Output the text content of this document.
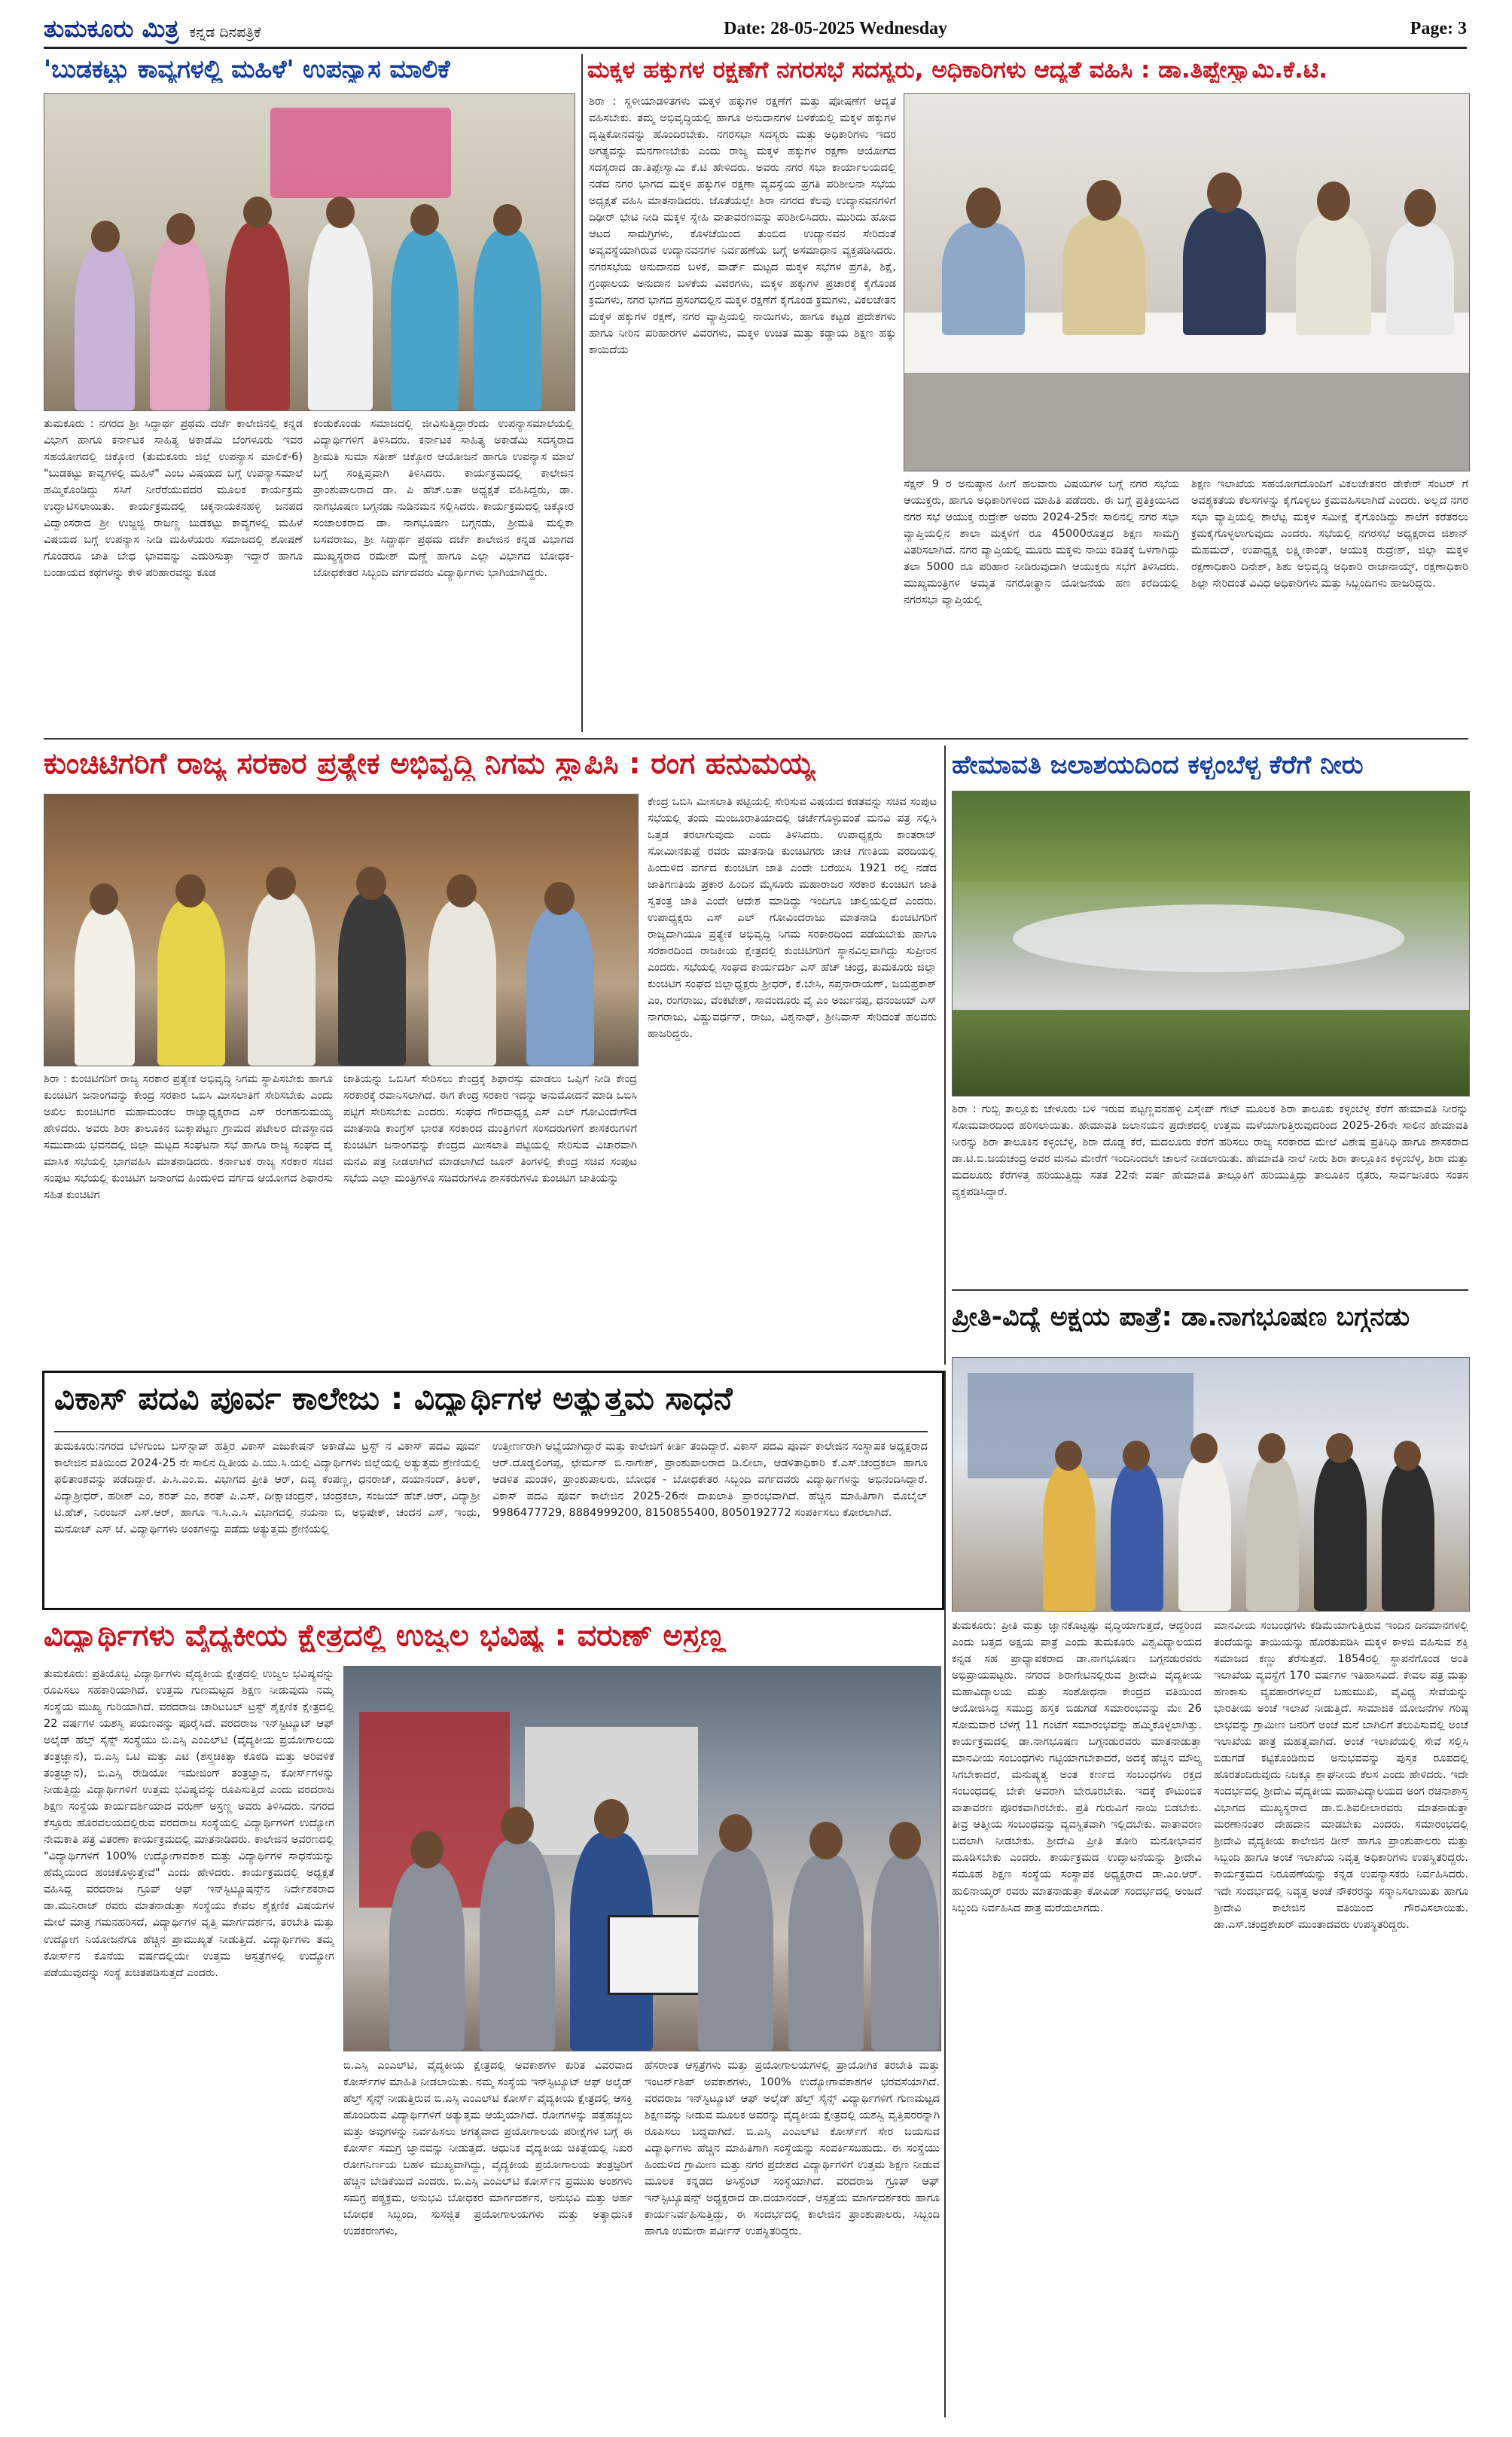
ತುಮಕೂರು ಮಿತ್ರ ಕನ್ನಡ ದಿನಪತ್ರಿಕೆ	Date: 28-05-2025 Wednesday	Page: 3
'ಬುಡಕಟ್ಟು ಕಾವ್ಯಗಳಲ್ಲಿ ಮಹಿಳೆ' ಉಪನ್ಯಾಸ ಮಾಲಿಕೆ
ತುಮಕೂರು : ನಗರದ ಶ್ರೀ ಸಿದ್ಧಾರ್ಥ ಪ್ರಥಮ ದರ್ಜೆ ಕಾಲೇಜಿನಲ್ಲಿ ಕನ್ನಡ ವಿಭಾಗ ಹಾಗೂ ಕರ್ನಾಟಕ ಸಾಹಿತ್ಯ ಅಕಾಡೆಮಿ ಬೆಂಗಳೂರು ಇವರ ಸಹಯೋಗದಲ್ಲಿ ಚಿಕ್ಕೋರ (ತುಮಕೂರು ಜಿಲ್ಲೆ ಉಪನ್ಯಾಸ ಮಾಲಿಕೆ-6) "ಬುಡಕಟ್ಟು ಕಾವ್ಯಗಳಲ್ಲಿ ಮಹಿಳೆ" ಎಂಬ ವಿಷಯದ ಬಗ್ಗೆ ಉಪನ್ಯಾಸಮಾಲೆ ಹಮ್ಮಿಕೊಂಡಿದ್ದು ಸಸಿಗೆ ನೀರೆರೆಯುವದರ ಮೂಲಕ ಕಾರ್ಯಕ್ರಮ ಉದ್ಘಾಟಿಸಲಾಯಿತು. ಕಾರ್ಯಕ್ರಮದಲ್ಲಿ ಚಿಕ್ಕನಾಯಕನಹಳ್ಳಿ ಜನಪದ ವಿದ್ವಾಂಸರಾದ ಶ್ರೀ ಉಜ್ಜಜ್ಜಿ ರಾಜಣ್ಣ ಬುಡಕಟ್ಟು ಕಾವ್ಯಗಳಲ್ಲಿ ಮಹಿಳೆ ವಿಷಯದ ಬಗ್ಗೆ ಉಪನ್ಯಾಸ ನೀಡಿ ಮಹಿಳೆಯರು ಸಮಾಜದಲ್ಲಿ ಶೋಷಣೆ ಗೊಂಡರೂ ಜಾತಿ ಬೇಧ ಭಾವವನ್ನು ಎದುರಿಸುತ್ತಾ ಇದ್ದಾರೆ ಹಾಗೂ ಬಂಡಾಯದ ಕಥೆಗಳನ್ನು ಕೇಳಿ ಪರಿಹಾರವನ್ನು ಕೂಡ
ಕಂಡುಕೊಂಡು ಸಮಾಜದಲ್ಲಿ ಜೀವಿಸುತ್ತಿದ್ದಾರೆಂದು ಉಪನ್ಯಾಸಮಾಲೆಯಲ್ಲಿ ವಿದ್ಯಾರ್ಥಿಗಳಿಗೆ ತಿಳಿಸಿದರು. ಕರ್ನಾಟಕ ಸಾಹಿತ್ಯ ಅಕಾಡೆಮಿ ಸದಸ್ಯರಾದ ಶ್ರೀಮತಿ ಸುಮಾ ಸತೀಶ್ ಚಿಕ್ಕೋರ ಆಯೋಜನೆ ಹಾಗೂ ಉಪನ್ಯಾಸ ಮಾಲೆ ಬಗ್ಗೆ ಸಂಕ್ಷಿಪ್ತವಾಗಿ ತಿಳಿಸಿದರು. ಕಾರ್ಯಕ್ರಮದಲ್ಲಿ ಕಾಲೇಜಿನ ಪ್ರಾಂಶುಪಾಲರಾದ ಡಾ. ಪಿ ಹೆಚ್.ಲತಾ ಅಧ್ಯಕ್ಷತೆ ವಹಿಸಿದ್ದರು, ಡಾ. ನಾಗಭೂಷಣ ಬಗ್ಗನಡು ನುಡಿನಮನ ಸಲ್ಲಿಸಿದರು. ಕಾರ್ಯಕ್ರಮದಲ್ಲಿ ಚಿಕ್ಕೋರ ಸಂಚಾಲಕರಾದ ಡಾ. ನಾಗಭೂಷಣ ಬಗ್ಗನಡು, ಶ್ರೀಮತಿ ಮಲ್ಲಿಕಾ ಬಸವರಾಜು, ಶ್ರೀ ಸಿದ್ಧಾರ್ಥ ಪ್ರಥಮ ದರ್ಜೆ ಕಾಲೇಜಿನ ಕನ್ನಡ ವಿಭಾಗದ ಮುಖ್ಯಸ್ಥರಾದ ರಮೇಶ್ ಮಣ್ಣೆ ಹಾಗೂ ಎಲ್ಲಾ ವಿಭಾಗದ ಬೋಧಕ-ಬೋಧಕೇತರ ಸಿಬ್ಬಂದಿ ವರ್ಗದವರು ವಿದ್ಯಾರ್ಥಿಗಳು ಭಾಗಿಯಾಗಿದ್ದರು.
ಮಕ್ಕಳ ಹಕ್ಕುಗಳ ರಕ್ಷಣೆಗೆ ನಗರಸಭೆ ಸದಸ್ಯರು, ಅಧಿಕಾರಿಗಳು ಆದ್ಯತೆ ವಹಿಸಿ : ಡಾ.ತಿಪ್ಪೇಸ್ವಾಮಿ.ಕೆ.ಟಿ.
ಶಿರಾ : ಸ್ಥಳೀಯಾಡಳಿತಗಳು ಮಕ್ಕಳ ಹಕ್ಕುಗಳ ರಕ್ಷಣೆಗೆ ಮತ್ತು ಪೋಷಣೆಗೆ ಆದ್ಯತೆ ವಹಿಸಬೇಕು. ತಮ್ಮ ಅಭಿವೃದ್ಧಿಯಲ್ಲಿ ಹಾಗೂ ಅನುದಾನಗಳ ಬಳಕೆಯಲ್ಲಿ ಮಕ್ಕಳ ಹಕ್ಕುಗಳ ದೃಷ್ಟಿಕೋನವನ್ನು ಹೊಂದಿರಬೇಕು. ನಗರಸಭಾ ಸದಸ್ಯರು ಮತ್ತು ಅಧಿಕಾರಿಗಳು ಇದರ ಅಗತ್ಯವನ್ನು ಮನಗಾಣಬೇಕು ಎಂದು ರಾಜ್ಯ ಮಕ್ಕಳ ಹಕ್ಕುಗಳ ರಕ್ಷಣಾ ಆಯೋಗದ ಸದಸ್ಯರಾದ ಡಾ.ತಿಪ್ಪೇಸ್ವಾಮಿ ಕೆ.ಟಿ ಹೇಳಿದರು. ಅವರು ನಗರ ಸಭಾ ಕಾರ್ಯಾಲಯದಲ್ಲಿ ನಡೆದ ನಗರ ಭಾಗದ ಮಕ್ಕಳ ಹಕ್ಕುಗಳ ರಕ್ಷಣಾ ವ್ಯವಸ್ಥೆಯ ಪ್ರಗತಿ ಪರಿಶೀಲನಾ ಸಭೆಯ ಅಧ್ಯಕ್ಷತೆ ವಹಿಸಿ ಮಾತನಾಡಿದರು. ಜೊತೆಯಲ್ಲೇ ಶಿರಾ ನಗರದ ಕೆಲವು ಉದ್ಯಾನವನಗಳಿಗೆ ದಿಢೀರ್ ಭೇಟಿ ನೀಡಿ ಮಕ್ಕಳ ಸ್ನೇಹಿ ವಾತಾವರಣವನ್ನು ಪರಿಶೀಲಿಸಿದರು. ಮುರಿದು ಹೋದ ಆಟದ ಸಾಮಗ್ರಿಗಳು, ಕೊಳಚೆಯಿಂದ ತುಂಬಿದ ಉದ್ಯಾನವನ ಸೇರಿದಂತೆ ಅವ್ಯವಸ್ಥೆಯಾಗಿರುವ ಉದ್ಯಾನವನಗಳ ನಿರ್ವಹಣೆಯ ಬಗ್ಗೆ ಅಸಮಾಧಾನ ವ್ಯಕ್ತಪಡಿಸಿದರು. ನಗರಸಭೆಯ ಅನುದಾನದ ಬಳಕೆ, ವಾರ್ಡ್ ಮಟ್ಟದ ಮಕ್ಕಳ ಸಭೆಗಳ ಪ್ರಗತಿ, ಶಿಕ್ಷೆ, ಗ್ರಂಥಾಲಯ ಅನುದಾನ ಬಳಕೆಯ ವಿವರಗಳು, ಮಕ್ಕಳ ಹಕ್ಕುಗಳ ಪ್ರಚಾರಕ್ಕೆ ಕೈಗೊಂಡ ಕ್ರಮಗಳು, ನಗರ ಭಾಗದ ಪ್ರಸಂಗದಲ್ಲಿನ ಮಕ್ಕಳ ರಕ್ಷಣೆಗೆ ಕೈಗೊಂಡ ಕ್ರಮಗಳು, ವಿಕಲಚೇತನ ಮಕ್ಕಳ ಹಕ್ಕುಗಳ ರಕ್ಷಣೆ, ನಗರ ವ್ಯಾಪ್ತಿಯಲ್ಲಿ ನಾಯಿಗಳು, ಹಾಗೂ ಕಟ್ಟಡ ಪ್ರದೇಶಗಳು ಹಾಗೂ ನೀರಿನ ಪರಿಹಾರಗಳ ವಿವರಗಳು, ಮಕ್ಕಳ ಉಚಿತ ಮತ್ತು ಕಡ್ಡಾಯ ಶಿಕ್ಷಣ ಹಕ್ಕು ಕಾಯಿದೆಯ
ಸೆಕ್ಷನ್ 9 ರ ಅನುಷ್ಠಾನ ಹೀಗೆ ಹಲವಾರು ವಿಷಯಗಳ ಬಗ್ಗೆ ನಗರ ಸಭೆಯ ಆಯುಕ್ತರು, ಹಾಗೂ ಅಧಿಕಾರಿಗಳಿಂದ ಮಾಹಿತಿ ಪಡೆದರು. ಈ ಬಗ್ಗೆ ಪ್ರತಿಕ್ರಿಯಿಸಿದ ನಗರ ಸಭೆ ಆಯುಕ್ತ ರುದ್ರೇಶ್ ಅವರು 2024-25ನೇ ಸಾಲಿನಲ್ಲಿ ನಗರ ಸಭಾ ವ್ಯಾಪ್ತಿಯಲ್ಲಿನ ಶಾಲಾ ಮಕ್ಕಳಿಗೆ ರೂ 45000ರೊತ್ತದ ಶಿಕ್ಷಣ ಸಾಮಗ್ರಿ ವಿತರಿಸಲಾಗಿದೆ. ನಗರ ವ್ಯಾಪ್ತಿಯಲ್ಲಿ ಮೂರು ಮಕ್ಕಳು ನಾಯಿ ಕಡಿತಕ್ಕೆ ಒಳಗಾಗಿದ್ದು ತಲಾ 5000 ರೂ ಪರಿಹಾರ ನೀಡಿರುವುದಾಗಿ ಆಯುಕ್ತರು ಸಭೆಗೆ ತಿಳಿಸಿದರು. ಮುಖ್ಯಮಂತ್ರಿಗಳ ಅಮೃತ ನಗರೋತ್ಥಾನ ಯೋಜನೆಯ ಹಣ ಕರೆದಿಯಲ್ಲಿ ನಗರಸಭಾ ವ್ಯಾಪ್ತಿಯಲ್ಲಿ
ಶಿಕ್ಷಣ ಇಲಾಖೆಯ ಸಹಯೋಗದೊಂದಿಗೆ ವಿಕಲಚೇತನರ ಡೇಕೇರ್ ಸೆಂಟರ್ ಗೆ ಅವಶ್ಯಕತೆಯ ಕೆಲಸಗಳನ್ನು ಕೈಗೊಳ್ಳಲು ಕ್ರಮವಹಿಸಲಾಗಿದೆ ಎಂದರು. ಅಲ್ಲದೆ ನಗರ ಸಭಾ ವ್ಯಾಪ್ತಿಯಲ್ಲಿ ಶಾಲೆಟ್ಟ ಮಕ್ಕಳ ಸಮೀಕ್ಷೆ ಕೈಗೊಂಡಿದ್ದು ಶಾಲೆಗೆ ಕರೆತರಲು ಕ್ರಮಕೈಗೊಳ್ಳಲಾಗುವುದು ಎಂದರು. ಸಭೆಯಲ್ಲಿ ನಗರಸಭೆ ಅಧ್ಯಕ್ಷರಾದ ಜಿಶಾನ್ ಮೆಹಮದ್, ಉಪಾಧ್ಯಕ್ಷ ಲಕ್ಷ್ಮೀಕಾಂತ್, ಆಯುಕ್ತ ರುದ್ರೇಶ್, ಜಿಲ್ಲಾ ಮಕ್ಕಳ ರಕ್ಷಣಾಧಿಕಾರಿ ದಿನೇಶ್, ಶಿಶು ಅಭಿವೃದ್ಧಿ ಅಧಿಕಾರಿ ರಾಜಾನಾಯ್ಕ್, ರಕ್ಷಣಾಧಿಕಾರಿ ಶಿಲ್ಪಾ ಸೇರಿದಂತೆ ವಿವಿಧ ಅಧಿಕಾರಿಗಳು ಮತ್ತು ಸಿಬ್ಬಂದಿಗಳು ಹಾಜರಿದ್ದರು.
ಕುಂಚಿಟಿಗರಿಗೆ ರಾಜ್ಯ ಸರಕಾರ ಪ್ರತ್ಯೇಕ ಅಭಿವೃದ್ಧಿ ನಿಗಮ ಸ್ಥಾಪಿಸಿ : ರಂಗ ಹನುಮಯ್ಯ
ಶಿರಾ : ಕುಂಚಿಟಿಗರಿಗೆ ರಾಜ್ಯ ಸರಕಾರ ಪ್ರತ್ಯೇಕ ಅಭಿವೃದ್ಧಿ ನಿಗಮ ಸ್ಥಾಪಿಸಬೇಕು ಹಾಗೂ ಕುಂಚಿಟಿಗ ಜನಾಂಗವನ್ನು ಕೇಂದ್ರ ಸರಕಾರ ಒಬಿಸಿ ಮೀಸಲಾತಿಗೆ ಸೇರಿಸಬೇಕು ಎಂದು ಅಖಿಲ ಕುಂಚಿಟಿಗರ ಮಹಾಮಂಡಲ ರಾಜ್ಯಾಧ್ಯಕ್ಷರಾದ ಎಸ್ ರಂಗಹನುಮಯ್ಯ ಹೇಳಿದರು. ಅವರು ಶಿರಾ ತಾಲೂಕಿನ ಬುಕ್ಕಾಪಟ್ಟಣ ಗ್ರಾಮದ ಪಟೇಲರ ದೇವಸ್ಥಾನದ ಸಮುದಾಯ ಭವನದಲ್ಲಿ ಜಿಲ್ಲಾ ಮಟ್ಟದ ಸಂಘಟನಾ ಸಭೆ ಹಾಗೂ ರಾಜ್ಯ ಸಂಘದ ವೈ ಮಾಸಿಕ ಸಭೆಯಲ್ಲಿ ಭಾಗವಹಿಸಿ ಮಾತನಾಡಿದರು. ಕರ್ನಾಟಕ ರಾಜ್ಯ ಸರಕಾರ ಸಚಿವ ಸಂಪುಟ ಸಭೆಯಲ್ಲಿ ಕುಂಚಿಟಿಗ ಜನಾಂಗದ ಹಿಂದುಳಿದ ವರ್ಗದ ಆಯೋಗದ ಶಿಫಾರಸು ಸಹಿತ ಕುಂಚಿಟಿಗ
ಜಾತಿಯನ್ನು ಒಬಿಸಿಗೆ ಸೇರಿಸಲು ಕೇಂದ್ರಕ್ಕೆ ಶಿಫಾರಸ್ಸು ಮಾಡಲು ಒಪ್ಪಿಗೆ ನೀಡಿ ಕೇಂದ್ರ ಸರಕಾರಕ್ಕೆ ರವಾನಿಸಲಾಗಿದೆ. ಈಗ ಕೇಂದ್ರ ಸರಕಾರ ಇದನ್ನು ಅನುಮೋದನೆ ಮಾಡಿ ಒಬಿಸಿ ಪಟ್ಟಿಗೆ ಸೇರಿಸಬೇಕು ಎಂದರು. ಸಂಘದ ಗೌರವಾಧ್ಯಕ್ಷ ಎಸ್ ಎಲ್ ಗೋವಿಂದೇಗೌಡ ಮಾತನಾಡಿ ಕಾಂಗ್ರೆಸ್ ಭಾರತ ಸರಕಾರದ ಮಂತ್ರಿಗಳಿಗೆ ಸಂಸದರುಗಳಿಗೆ ಶಾಸಕರುಗಳಿಗೆ ಕುಂಚಿಟಿಗ ಜನಾಂಗವನ್ನು ಕೇಂದ್ರದ ಮೀಸಲಾತಿ ಪಟ್ಟಿಯಲ್ಲಿ ಸೇರಿಸುವ ವಿಚಾರವಾಗಿ ಮನವಿ ಪತ್ರ ನೀಡಲಾಗಿದೆ ಮಾಡಲಾಗಿದೆ ಜೂನ್ ತಿಂಗಳಲ್ಲಿ ಕೇಂದ್ರ ಸಚಿವ ಸಂಪುಟ ಸಭೆಯ ಎಲ್ಲಾ ಮಂತ್ರಿಗಳೂ ಸಚಿವರುಗಳೂ ಶಾಸಕರುಗಳೂ ಕುಂಚಿಟಿಗ ಜಾತಿಯನ್ನು
ಕೇಂದ್ರ ಒಬಿಸಿ ಮೀಸಲಾತಿ ಪಟ್ಟಿಯಲ್ಲಿ ಸೇರಿಸುವ ವಿಷಯದ ಕಡತವನ್ನು ಸಚಿವ ಸಂಪುಟ ಸಭೆಯಲ್ಲಿ ತಂದು ಮಂಜೂರಾತಿಯಾದಲ್ಲಿ ಚರ್ಚೆಗೊಳ್ಳುವಂತೆ ಮನವಿ ಪತ್ರ ಸಲ್ಲಿಸಿ ಒತ್ತಡ ತರಲಾಗುವುದು ಎಂದು ತಿಳಿಸಿದರು. ಉಪಾಧ್ಯಕ್ಷರು ಕಾಂತರಾಜ್ ಸೋಮೀನಕುಪ್ಪೆ ರವರು ಮಾತನಾಡಿ ಕುಂಚಿಟಿಗರು ಚಾಚ ಗಣತಿಯ ವರದಿಯಲ್ಲಿ ಹಿಂದುಳಿದ ವರ್ಗದ ಕುಂಚಿಟಿಗ ಜಾತಿ ಎಂದೇ ಬರೆಯಿಸಿ 1921 ರಲ್ಲಿ ನಡೆದ ಜಾತಿಗಣತಿಯ ಪ್ರಕಾರ ಹಿಂದಿನ ಮೈಸೂರು ಮಹಾರಾಜರ ಸರಕಾರ ಕುಂಚಿಟಿಗ ಜಾತಿ ಸ್ವತಂತ್ರ ಜಾತಿ ಎಂದೇ ಆದೇಶ ಮಾಡಿದ್ದು ಇಂದಿಗೂ ಚಾಲ್ತಿಯಲ್ಲಿದೆ ಎಂದರು. ಉಪಾಧ್ಯಕ್ಷರು ಎಸ್ ಎಲ್ ಗೋವಿಂದರಾಜು ಮಾತನಾಡಿ ಕುಂಚಿಟಿಗರಿಗೆ ರಾಜ್ಯದಾಗಿಯೂ ಪ್ರತ್ಯೇಕ ಅಭಿವೃದ್ಧಿ ನಿಗಮ ಸರಕಾರದಿಂದ ಪಡೆಯಬೇಕು ಹಾಗೂ ಸರಕಾರದಿಂದ ರಾಜಕೀಯ ಕ್ಷೇತ್ರದಲ್ಲಿ ಕುಂಚಿಟಿಗರಿಗೆ ಸ್ಥಾನವಿಲ್ಲವಾಗಿದ್ದು ಸುಪ್ರೀಂನ ಎಂದರು. ಸಭೆಯಲ್ಲಿ ಸಂಘದ ಕಾರ್ಯದರ್ಶಿ ಎಸ್ ಹೆಚ್ ಚಂದ್ರ, ತುಮಕೂರು ಜಿಲ್ಲಾ ಕುಂಚಿಟಿಗ ಸಂಘದ ಜಿಲ್ಲಾಧ್ಯಕ್ಷರು ಶ್ರೀಧರ್, ಕೆ.ಬೇಸಿ, ಸಪ್ತನಾರಾಯಣ್, ಜಯಪ್ರಕಾಶ್ ಎಂ, ರಂಗರಾಜು, ವೆಂಕಟೇಶ್, ಸಾವಂದೂರು ವೈ ಎಂ ಅರ್ಜುನಪ್ಪ, ಧನಂಜಯ್ ಎಸ್ ನಾಗರಾಜು, ವಿಷ್ಣುವರ್ಧನ್, ರಾಜು, ವಿಶ್ವನಾಥ್, ಶ್ರೀನಿವಾಸ್ ಸೇರಿದಂತೆ ಹಲವರು ಹಾಜರಿದ್ದರು.
ಹೇಮಾವತಿ ಜಲಾಶಯದಿಂದ ಕಳ್ಳಂಬೆಳ್ಳ ಕೆರೆಗೆ ನೀರು
ಶಿರಾ : ಗುಬ್ಬಿ ತಾಲ್ಲೂಕು ಚೇಳೂರು ಬಳಿ ಇರುವ ಪಟ್ಟಣ್ಣವನಹಳ್ಳಿ ಎಸ್ಕೇಪ್ ಗೇಟ್ ಮೂಲಕ ಶಿರಾ ತಾಲೂಕು ಕಳ್ಳಂಬೆಳ್ಳ ಕೆರೆಗೆ ಹೇಮಾವತಿ ನೀರನ್ನು ಸೋಮವಾರದಿಂದ ಹರಿಸಲಾಯಿತು. ಹೇಮಾವತಿ ಜಲಾನಯನ ಪ್ರದೇಶದಲ್ಲಿ ಉತ್ತಮ ಮಳೆಯಾಗುತ್ತಿರುವುದರಿಂದ 2025-26ನೇ ಸಾಲಿನ ಹೇಮಾವತಿ ನೀರನ್ನು ಶಿರಾ ತಾಲೂಕಿನ ಕಳ್ಳಂಬೆಳ್ಳ, ಶಿರಾ ದೊಡ್ಡ ಕೆರೆ, ಮದಲೂರು ಕೆರೆಗೆ ಹರಿಸಲು ರಾಜ್ಯ ಸರಕಾರದ ಮೇಲೆ ವಿಶೇಷ ಪ್ರತಿನಿಧಿ ಹಾಗೂ ಶಾಸಕರಾದ ಡಾ.ಟಿ.ಬಿ.ಜಯಚಂದ್ರ ಅವರ ಮನವಿ ಮೇರೆಗೆ ಇಂದಿನಿಂದಲೇ ಚಾಲನೆ ನೀಡಲಾಯಿತು. ಹೇಮಾವತಿ ನಾಲೆ ನೀರು ಶಿರಾ ತಾಲ್ಲೂಕಿನ ಕಳ್ಳಂಬೆಳ್ಳ, ಶಿರಾ ಮತ್ತು ಮದಲೂರು ಕೆರೆಗಳತ್ತ ಹರಿಯುತ್ತಿದ್ದು ಸತತ 22ನೇ ವರ್ಷ ಹೇಮಾವತಿ ತಾಲ್ಲೂಕಿಗೆ ಹರಿಯುತ್ತಿದ್ದು ತಾಲೂಕಿನ ರೈತರು, ಸಾರ್ವಜನಿಕರು ಸಂತಸ ವ್ಯಕ್ತಪಡಿಸಿದ್ದಾರೆ.
ಪ್ರೀತಿ-ವಿದ್ಯೆ ಅಕ್ಷಯ ಪಾತ್ರೆ: ಡಾ.ನಾಗಭೂಷಣ ಬಗ್ಗನಡು
ತುಮಕೂರು: ಪ್ರೀತಿ ಮತ್ತು ಜ್ಞಾನಕೊಟ್ಟಷ್ಟು ವೃದ್ಧಿಯಾಗುತ್ತದೆ, ಆದ್ದರಿಂದ ಎಂದು ಬತ್ತದ ಅಕ್ಷಯ ಪಾತ್ರೆ ಎಂದು ತುಮಕೂರು ವಿಶ್ವವಿದ್ಯಾಲಯದ ಕನ್ನಡ ಸಹ ಪ್ರಾಧ್ಯಾಪಕರಾದ ಡಾ.ನಾಗಭೂಷಣ ಬಗ್ಗನಡುರವರು ಅಭಿಪ್ರಾಯಪಟ್ಟರು. ನಗರದ ಶಿರಾಗೇಟಿನಲ್ಲಿರುವ ಶ್ರೀದೇವಿ ವೈದ್ಯಕೀಯ ಮಹಾವಿದ್ಯಾಲಯ ಮತ್ತು ಸಂಶೋಧನಾ ಕೇಂದ್ರದ ವತಿಯಿಂದ ಆಯೋಜಿಸಿದ್ದ ಸಮುದ್ರ ಹಸ್ತಕ ಬಿಡುಗಡೆ ಸಮಾರಂಭವನ್ನು ಮೇ 26 ಸೋಮವಾರ ಬೆಳಗ್ಗೆ 11 ಗಂಟೆಗೆ ಸಮಾರಂಭವನ್ನು ಹಮ್ಮಿಕೊಳ್ಳಲಾಗಿತ್ತು. ಕಾರ್ಯಕ್ರಮದಲ್ಲಿ ಡಾ.ನಾಗಭೂಷಣ ಬಗ್ಗನಡುರವರು ಮಾತನಾಡುತ್ತಾ ಮಾನವೀಯ ಸಂಬಂಧಗಳು ಗಟ್ಟಿಯಾಗಬೇಕಾದರೆ, ಅದಕ್ಕೆ ಹೆಚ್ಚಿನ ಮೌಲ್ಯ ಸಿಗಬೇಕಾದರೆ, ಮನುಷ್ಯತ್ವ ಅಂತ ಕರ್ಣದ ಸಂಬಂಧಗಳು ರಕ್ತದ ಸಂಬಂಧದಲ್ಲಿ ಬೇಕೇ ಅವರಾಗಿ ಬೇರೂರಬೇಕು. ಇದಕ್ಕೆ ಕೌಟುಂಬಿಕ ವಾತಾವರಣ ಪೂರಕವಾಗಿರಬೇಕು. ಪ್ರತಿ ಗುರುವಿಗೆ ನಾಯಿ ಬಿಡಬೇಕು. ತೀವ್ರ ಆತ್ಮೀಯ ಸಂಬಂಧವನ್ನು ವ್ಯವಸ್ಥಿತವಾಗಿ ಇಲ್ಲಿದಬೇಕು. ವಾತಾವರಣ ಬದಲಾಗಿ ನೀಡಬೇಕು. ಶ್ರೀದೇವಿ ಪ್ರೀತಿ ತೋರಿ ಮನೋಭಾವನೆ ಮೂಡಿಸಬೇಕು ಎಂದರು. ಕಾರ್ಯಕ್ರಮದ ಉದ್ಘಾಟನೆಯನ್ನು ಶ್ರೀದೇವಿ ಸಮೂಹ ಶಿಕ್ಷಣ ಸಂಸ್ಥೆಯ ಸಂಸ್ಥಾಪಕ ಅಧ್ಯಕ್ಷರಾದ ಡಾ.ಎಂ.ಆರ್. ಹುಲಿನಾಯ್ಕರ್ ರವರು ಮಾತನಾಡುತ್ತಾ ಕೋವಿಡ್ ಸಂದರ್ಭದಲ್ಲಿ ಅಂಜದೆ ಸಿಬ್ಬಂದಿ ನಿರ್ವಹಿಸಿದ ಪಾತ್ರ ಮರೆಯಲಾಗದು.
ಮಾನವೀಯ ಸಂಬಂಧಗಳು ಕಡಿಮೆಯಾಗುತ್ತಿರುವ ಇಂದಿನ ದಿನಮಾನಗಳಲ್ಲಿ ತಂದೆಯನ್ನು ತಾಯಿಯನ್ನು ಹೊರತುಪಡಿಸಿ ಮಕ್ಕಳ ಕಾಳಜಿ ವಹಿಸುವ ಶಕ್ತಿ ಸಮಾಜದ ಕಣ್ಣು ತೆರೆಸುತ್ತದೆ. 1854ರಲ್ಲಿ ಸ್ಥಾಪನೆಗೊಂಡ ಅಂತಿ ಇಲಾಖೆಯ ವ್ಯವಸ್ಥೆಗೆ 170 ವರ್ಷಗಳ ಇತಿಹಾಸವಿದೆ. ಕೇವಲ ಪತ್ರ ಮತ್ತು ಹಣಕಾಸು ವ್ಯವಹಾರಗಳಲ್ಲದೆ ಬಹುಮುಖಿ, ವೈವಿಧ್ಯ ಸೇವೆಯನ್ನು ಭಾರತೀಯ ಅಂಚೆ ಇಲಾಖೆ ನೀಡುತ್ತಿದೆ. ಸಾಮಾಜಿಕ ಯೋಜನೆಗಳ ಗರಿಷ್ಠ ಲಾಭವನ್ನು ಗ್ರಾಮೀಣ ಜನರಿಗೆ ಅಂಚೆ ಮನೆ ಬಾಗಿಲಿಗೆ ತಲುಪಿಸುವಲ್ಲಿ ಅಂಚೆ ಇಲಾಖೆಯ ಪಾತ್ರ ಮಹತ್ವವಾಗಿದೆ. ಅಂಚೆ ಇಲಾಖೆಯಲ್ಲಿ ಸೇವೆ ಸಲ್ಲಿಸಿ ಬಿಡುಗಡೆ ಕಟ್ಟಿಕೊಂಡಿರುವ ಅನುಭವವನ್ನು ಪುಸ್ತಕ ರೂಪದಲ್ಲಿ ಹೊರತಂದಿರುವುದು ನಿಜಕ್ಕೂ ಶ್ಲಾಘನೀಯ ಕೆಲಸ ಎಂದು ಹೇಳಿದರು. ಇದೇ ಸಂದರ್ಭದಲ್ಲಿ ಶ್ರೀದೇವಿ ವೈದ್ಯಕೀಯ ಮಹಾವಿದ್ಯಾಲಯದ ಅಂಗ ರಚನಾಶಾಸ್ತ್ರ ವಿಭಾಗದ ಮುಖ್ಯಸ್ಥರಾದ ಡಾ.ಬಿ.ಶಿವಲೀಲಾರವರು ಮಾತನಾಡುತ್ತಾ ಮರಣಾನಂತರ ದೇಹದಾನ ಮಾಡಬೇಕು ಎಂದರು. ಸಮಾರಂಭದಲ್ಲಿ ಶ್ರೀದೇವಿ ವೈದ್ಯಕೀಯ ಕಾಲೇಜಿನ ಡೀನ್ ಹಾಗೂ ಪ್ರಾಂಶುಪಾಲರು ಮತ್ತು ಸಿಬ್ಬಂದಿ ಹಾಗೂ ಅಂಚೆ ಇಲಾಖೆಯ ನಿವೃತ್ತ ಅಧಿಕಾರಿಗಳು ಉಪಸ್ಥಿತರಿದ್ದರು. ಕಾರ್ಯಕ್ರಮದ ನಿರೂಪಣೆಯನ್ನು ಕನ್ನಡ ಉಪನ್ಯಾಸಕರು ನಿರ್ವಹಿಸಿದರು. ಇದೇ ಸಂದರ್ಭದಲ್ಲಿ ನಿವೃತ್ತ ಅಂಚೆ ನೌಕರರನ್ನು ಸನ್ಮಾನಿಸಲಾಯಿತು ಹಾಗೂ ಶ್ರೀದೇವಿ ಕಾಲೇಜಿನ ವತಿಯಿಂದ ಗೌರವಿಸಲಾಯಿತು. ಡಾ.ಎಸ್.ಚಂದ್ರಶೇಖರ್ ಮುಂತಾದವರು ಉಪಸ್ಥಿತರಿದ್ದರು.
ವಿಕಾಸ್ ಪದವಿ ಪೂರ್ವ ಕಾಲೇಜು : ವಿದ್ಯಾರ್ಥಿಗಳ ಅತ್ಯುತ್ತಮ ಸಾಧನೆ
ತುಮಕೂರು:ನಗರದ ಬೆಳಗುಂಬ ಬಸ್‌ಸ್ಟಾಪ್ ಹತ್ತಿರ ವಿಕಾಸ್ ಎಜುಕೇಷನ್ ಅಕಾಡೆಮಿ ಟ್ರಸ್ಟ್ ನ ವಿಕಾಸ್ ಪದವಿ ಪೂರ್ವ ಕಾಲೇಜಿನ ವತಿಯಿಂದ 2024-25 ನೇ ಸಾಲಿನ ದ್ವಿತೀಯ ಪಿ.ಯು.ಸಿ.ಯಲ್ಲಿ ವಿದ್ಯಾರ್ಥಿಗಳು ಜಿಲ್ಲೆಯಲ್ಲಿ ಅತ್ಯುತ್ತಮ ಶ್ರೇಣಿಯಲ್ಲಿ ಫಲಿತಾಂಶವನ್ನು ಪಡೆದಿದ್ದಾರೆ. ಪಿ.ಸಿ.ಎಂ.ಬಿ. ವಿಭಾಗದ ಪ್ರೀತಿ ಆರ್, ದಿವ್ಯ ಕೆಂಪಣ್ಣ, ಧನರಾಜ್, ದಯಾನಂದ್, ತಿಲಕ್, ವಿದ್ಯಾಶ್ರೀಧರ್, ಹರೀಶ್ ಎಂ, ಶರತ್ ಎಂ, ಶರತ್ ಪಿ.ಎಸ್, ದೀಕ್ಷಾಚಂದ್ರನ್, ಚಂದ್ರಕಲಾ, ಸಂಜಯ್ ಹೆಚ್.ಆರ್, ವಿದ್ಯಾಶ್ರೀ ಟಿ.ಹೆಚ್, ನಿರಂಜನ್ ಎಸ್.ಆರ್, ಹಾಗೂ ಇ.ಸಿ.ಎ.ಸಿ ವಿಭಾಗದಲ್ಲಿ ನಯನಾ ಬಿ, ಅಭಿಷೇಕ್, ಚಂದನ ಎಸ್, ಇಂಧು, ಮನೋಜ್ ಎಸ್ ಜೆ. ವಿದ್ಯಾರ್ಥಿಗಳು ಅಂಕಗಳನ್ನು ಪಡೆದು ಅತ್ಯುತ್ತಮ ಶ್ರೇಣಿಯಲ್ಲಿ
ಉತ್ತೀರ್ಣರಾಗಿ ಅಭ್ಯೆಯಾಗಿದ್ದಾರೆ ಮತ್ತು ಕಾಲೇಜಿಗೆ ಕೀರ್ತಿ ತಂದಿದ್ದಾರೆ. ವಿಕಾಸ್ ಪದವಿ ಪೂರ್ವ ಕಾಲೇಜಿನ ಸಂಸ್ಥಾಪಕ ಅಧ್ಯಕ್ಷರಾದ ಆರ್.ದೊಡ್ಡಲಿಂಗಪ್ಪ, ಛೇರ್ಮನ್ ಬಿ.ನಾಗೇಶ್, ಪ್ರಾಂಶುಪಾಲರಾದ ಡಿ.ಲೀಲಾ, ಆಡಳಿತಾಧಿಕಾರಿ ಕೆ.ಎಸ್.ಚಂದ್ರಕಲಾ ಹಾಗೂ ಆಡಳಿತ ಮಂಡಳಿ, ಪ್ರಾಂಶುಪಾಲರು, ಬೋಧಕ - ಬೋಧಕೇತರ ಸಿಬ್ಬಂದಿ ವರ್ಗದವರು ವಿದ್ಯಾರ್ಥಿಗಳನ್ನು ಅಭಿನಂದಿಸಿದ್ದಾರೆ. ವಿಕಾಸ್ ಪದವಿ ಪೂರ್ವ ಕಾಲೇಜಿನ 2025-26ನೇ ದಾಖಲಾತಿ ಪ್ರಾರಂಭವಾಗಿದೆ. ಹೆಚ್ಚಿನ ಮಾಹಿತಿಗಾಗಿ ಮೊಬೈಲ್ 9986477729, 8884999200, 8150855400, 8050192772 ಸಂಪರ್ಕಿಸಲು ಕೋರಲಾಗಿದೆ.
ವಿದ್ಯಾರ್ಥಿಗಳು ವೈದ್ಯಕೀಯ ಕ್ಷೇತ್ರದಲ್ಲಿ ಉಜ್ವಲ ಭವಿಷ್ಯ : ವರುಣ್ ಅಸ್ರಣ್ಣ
ತುಮಕೂರು: ಪ್ರತಿಯೊಬ್ಬ ವಿದ್ಯಾರ್ಥಿಗಳು ವೈದ್ಯಕೀಯ ಕ್ಷೇತ್ರದಲ್ಲಿ ಉಜ್ವಲ ಭವಿಷ್ಯವನ್ನು ರೂಪಿಸಲು ಸಹಕಾರಿಯಾಗಿದೆ. ಉತ್ತಮ ಗುಣಮಟ್ಟದ ಶಿಕ್ಷಣ ನೀಡುವುದು ನಮ್ಮ ಸಂಸ್ಥೆಯ ಮುಖ್ಯ ಗುರಿಯಾಗಿದೆ. ವರದರಾಜ ಚಾರಿಟಬಲ್ ಟ್ರಸ್ಟ್ ಶೈಕ್ಷಣಿಕ ಕ್ಷೇತ್ರದಲ್ಲಿ 22 ವರ್ಷಗಳ ಯಶಸ್ವಿ ಪಯಣವನ್ನು ಪೂರೈಸಿದೆ. ವರದರಾಜ ಇನ್‌ಸ್ಟಿಟ್ಯೂಟ್ ಆಫ್ ಅಲೈಡ್ ಹೆಲ್ತ್ ಸೈನ್ಸ್ ಸಂಸ್ಥೆಯು ಬಿ.ಎಸ್ಸಿ ಎಂಎಲ್‌ಟಿ (ವೈದ್ಯಕೀಯ ಪ್ರಯೋಗಾಲಯ ತಂತ್ರಜ್ಞಾನ), ಬಿ.ಎಸ್ಸಿ ಒಟಿ ಮತ್ತು ಎಟಿ (ಶಸ್ತ್ರಚಿಕಿತ್ಸಾ ಕೊಠಡಿ ಮತ್ತು ಅರಿವಳಿಕೆ ತಂತ್ರಜ್ಞಾನ), ಬಿ.ಎಸ್ಸಿ ರೇಡಿಯೋ ಇಮೇಜಿಂಗ್ ತಂತ್ರಜ್ಞಾನ, ಕೋರ್ಸ್‌ಗಳನ್ನು ನೀಡುತ್ತಿದ್ದು ವಿದ್ಯಾರ್ಥಿಗಳಿಗೆ ಉತ್ತಮ ಭವಿಷ್ಯವನ್ನು ರೂಪಿಸುತ್ತಿದೆ ಎಂದು ವರದರಾಜ ಶಿಕ್ಷಣ ಸಂಸ್ಥೆಯ ಕಾರ್ಯದರ್ಶಿಯಾದ ವರುಣ್ ಅಸ್ರಣ್ಣ ಅವರು ತಿಳಿಸಿದರು. ನಗರದ ಕೆಸ್ತೂರು ಹೊರವಲಯದಲ್ಲಿರುವ ವರದರಾಜ ಸಂಸ್ಥೆಯಲ್ಲಿ ವಿದ್ಯಾರ್ಥಿಗಳಿಗೆ ಉದ್ಯೋಗ ನೇಮಕಾತಿ ಪತ್ರ ವಿತರಣಾ ಕಾರ್ಯಕ್ರಮದಲ್ಲಿ ಮಾತನಾಡಿದರು. ಕಾಲೇಜಿನ ಅವರಣದಲ್ಲಿ "ವಿದ್ಯಾರ್ಥಿಗಳಿಗೆ 100% ಉದ್ಯೋಗಾವಕಾಶ ಮತ್ತು ವಿದ್ಯಾರ್ಥಿಗಳ ಸಾಧನೆಯನ್ನು ಹೆಮ್ಮೆಯಿಂದ ಹಂಚಿಕೊಳ್ಳುತ್ತೇವೆ" ಎಂದು ಹೇಳಿದರು. ಕಾರ್ಯಕ್ರಮದಲ್ಲಿ ಅಧ್ಯಕ್ಷತೆ ವಹಿಸಿದ್ದ ವರದರಾಜ ಗ್ರೂಪ್ ಆಫ್ ಇನ್‌ಸ್ಟಿಟ್ಯೂಷನ್ಸ್‌ನ ನಿರ್ದೇಶಕರಾದ ಡಾ.ಮುನಿರಾಜ್ ರವರು ಮಾತನಾಡುತ್ತಾ ಸಂಸ್ಥೆಯು ಕೇವಲ ಶೈಕ್ಷಣಿಕ ವಿಷಯಗಳ ಮೇಲೆ ಮಾತ್ರ ಗಮನಹರಿಸದೆ, ವಿದ್ಯಾರ್ಥಿಗಳ ವೃತ್ತಿ ಮಾರ್ಗದರ್ಶನ, ತರಬೇತಿ ಮತ್ತು ಉದ್ಯೋಗ ನಿಯೋಜನೆಗೂ ಹೆಚ್ಚಿನ ಪ್ರಾಮುಖ್ಯತೆ ನೀಡುತ್ತಿದೆ. ವಿದ್ಯಾರ್ಥಿಗಳು ತಮ್ಮ ಕೋರ್ಸ್‌ನ ಕೊನೆಯ ವರ್ಷದಲ್ಲಿಯೇ ಉತ್ತಮ ಆಸ್ಪತ್ರೆಗಳಲ್ಲಿ ಉದ್ಯೋಗ ಪಡೆಯುವುದನ್ನು ಸಂಸ್ಥೆ ಖಚಿತಪಡಿಸುತ್ತದೆ ಎಂದರು.
ಬಿ.ಎಸ್ಸಿ ಎಂಎಲ್‌ಟಿ, ವೈದ್ಯಕೀಯ ಕ್ಷೇತ್ರದಲ್ಲಿ ಅವಕಾಶಗಳ ಕುರಿತ ವಿವರವಾದ ಕೋರ್ಸ್‌ಗಳ ಮಾಹಿತಿ ನೀಡಲಾಯಿತು. ನಮ್ಮ ಸಂಸ್ಥೆಯ ಇನ್‌ಸ್ಟಿಟ್ಯೂಟ್ ಆಫ್ ಅಲೈಡ್ ಹೆಲ್ತ್ ಸೈನ್ಸ್ ನೀಡುತ್ತಿರುವ ಬಿ.ಎಸ್ಸಿ ಎಂಎಲ್‌ಟಿ ಕೋರ್ಸ್ ವೈದ್ಯಕೀಯ ಕ್ಷೇತ್ರದಲ್ಲಿ ಆಸಕ್ತಿ ಹೊಂದಿರುವ ವಿದ್ಯಾರ್ಥಿಗಳಿಗೆ ಅತ್ಯುತ್ತಮ ಆಯ್ಕೆಯಾಗಿದೆ. ರೋಗಗಳನ್ನು ಪತ್ತೆಹಚ್ಚಲು ಮತ್ತು ಅವುಗಳನ್ನು ನಿರ್ವಹಿಸಲು ಅಗತ್ಯವಾದ ಪ್ರಯೋಗಾಲಯ ಪರೀಕ್ಷೆಗಳ ಬಗ್ಗೆ ಈ ಕೋರ್ಸ್ ಸಮಗ್ರ ಜ್ಞಾನವನ್ನು ನೀಡುತ್ತದೆ. ಆಧುನಿಕ ವೈದ್ಯಕೀಯ ಚಿಕಿತ್ಸೆಯಲ್ಲಿ ನಿಖರ ರೋಗನಿರ್ಣಯ ಬಹಳ ಮುಖ್ಯವಾಗಿದ್ದು, ವೈದ್ಯಕೀಯ ಪ್ರಯೋಗಾಲಯ ತಂತ್ರಜ್ಞರಿಗೆ ಹೆಚ್ಚಿನ ಬೇಡಿಕೆಯಿದೆ ಎಂದರು. ಬಿ.ಎಸ್ಸಿ ಎಂಎಲ್‌ಟಿ ಕೋರ್ಸ್‌ನ ಪ್ರಮುಖ ಅಂಶಗಳು ಸಮಗ್ರ ಪಠ್ಯಕ್ರಮ, ಅನುಭವಿ ಬೋಧಕರ ಮಾರ್ಗದರ್ಶನ, ಅನುಭವಿ ಮತ್ತು ಅರ್ಹ ಬೋಧಕ ಸಿಬ್ಬಂದಿ, ಸುಸಜ್ಜಿತ ಪ್ರಯೋಗಾಲಯಗಳು ಮತ್ತು ಅತ್ಯಾಧುನಿಕ ಉಪಕರಣಗಳು,
ಹೆಸರಾಂತ ಆಸ್ಪತ್ರೆಗಳು ಮತ್ತು ಪ್ರಯೋಗಾಲಯಗಳಲ್ಲಿ ಪ್ರಾಯೋಗಿಕ ತರಬೇತಿ ಮತ್ತು ಇಂಟರ್ನ್‌ಶಿಪ್ ಅವಕಾಶಗಳು, 100% ಉದ್ಯೋಗಾವಕಾಶಗಳ ಭರವಸೆಯಾಗಿದೆ. ವರದರಾಜ ಇನ್‌ಸ್ಟಿಟ್ಯೂಟ್ ಆಫ್ ಅಲೈಡ್ ಹೆಲ್ತ್ ಸೈನ್ಸ್ ವಿದ್ಯಾರ್ಥಿಗಳಿಗೆ ಗುಣಮಟ್ಟದ ಶಿಕ್ಷಣವನ್ನು ನೀಡುವ ಮೂಲಕ ಅವರನ್ನು ವೈದ್ಯಕೀಯ ಕ್ಷೇತ್ರದಲ್ಲಿ ಯಶಸ್ವಿ ವೃತ್ತಿಪರರನ್ನಾಗಿ ರೂಪಿಸಲು ಬದ್ಧವಾಗಿದೆ. ಬಿ.ಎಸ್ಸಿ ಎಂಎಲ್‌ಟಿ ಕೋರ್ಸ್‌ಗೆ ಸೇರ ಬಯಸುವ ವಿದ್ಯಾರ್ಥಿಗಳು ಹೆಚ್ಚಿನ ಮಾಹಿತಿಗಾಗಿ ಸಂಸ್ಥೆಯನ್ನು ಸಂಪರ್ಕಿಸಬಹುದು. ಈ ಸಂಸ್ಥೆಯು ಹಿಂದುಳಿದ ಗ್ರಾಮೀಣ ಮತ್ತು ನಗರ ಪ್ರದೇಶದ ವಿದ್ಯಾರ್ಥಿಗಳಿಗೆ ಉತ್ತಮ ಶಿಕ್ಷಣ ನೀಡುವ ಮೂಲಕ ಕನ್ನಡದ ಅಸಿಸ್ಟೆಂಟ್ ಸಂಸ್ಥೆಯಾಗಿದೆ. ವರದರಾಜ ಗ್ರೂಪ್ ಆಫ್ ಇನ್‌ಸ್ಟಿಟ್ಯೂಷನ್ಸ್ ಅಧ್ಯಕ್ಷರಾದ ಡಾ.ದಯಾನಂದ್, ಆಸ್ಪತ್ರೆಯ ಮಾರ್ಗದರ್ಶಕರು ಹಾಗೂ ಕಾರ್ಯನಿರ್ವಹಿಸುತ್ತಿದ್ದು, ಈ ಸಂದರ್ಭದಲ್ಲಿ ಕಾಲೇಜಿನ ಪ್ರಾಂಶುಪಾಲರು, ಸಿಬ್ಬಂದಿ ಹಾಗೂ ಉಮೇರಾ ಪರ್ವೀನ್ ಉಪಸ್ಥಿತರಿದ್ದರು.
